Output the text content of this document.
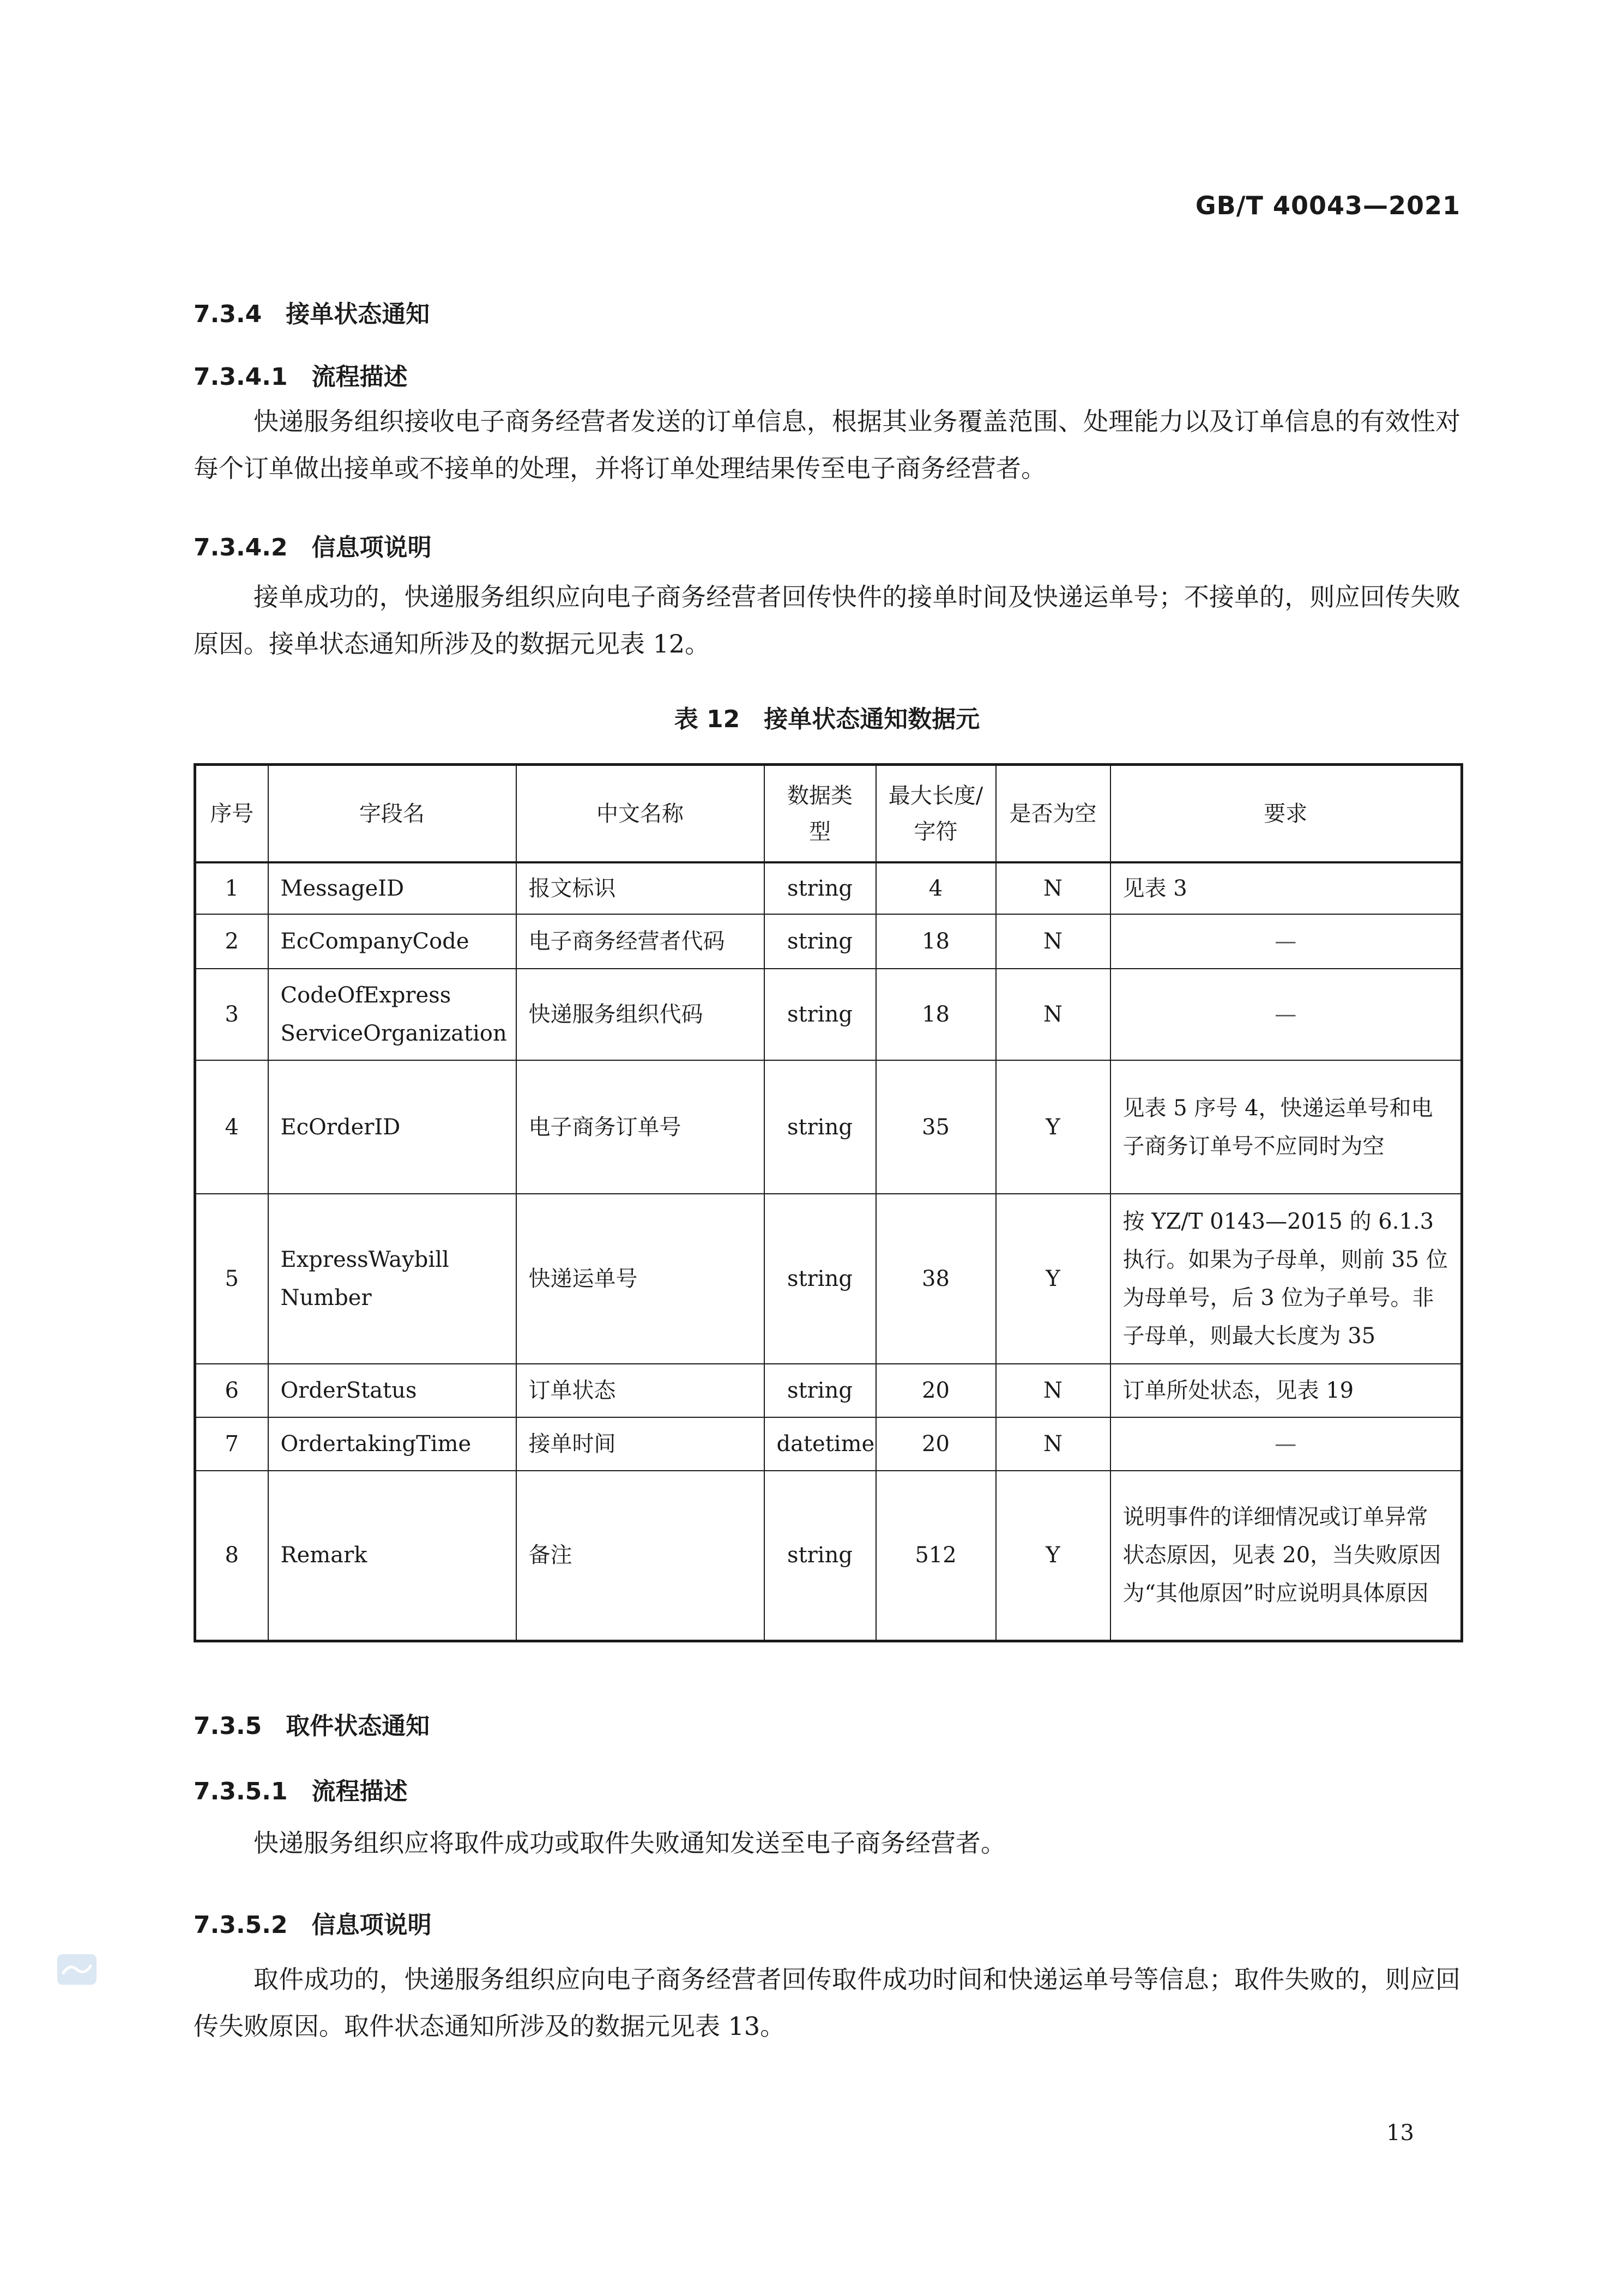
GB/T 40043—2021
7.3.4 接单状态通知
7.3.4.1 流程描述

快递服务组织接收电子商务经营者发送的订单信息，根据其业务覆盖范围、处理能力以及订单信息的有效性对每个订单做出接单或不接单的处理，并将订单处理结果传至电子商务经营者。

7.3.4.2 信息项说明

接单成功的，快递服务组织应向电子商务经营者回传快件的接单时间及快递运单号；不接单的，则应回传失败原因。接单状态通知所涉及的数据元见表 12。

表 12 接单状态通知数据元
序号	字段名	中文名称	数据类型	最大长度/字符	是否为空	要求
1	MessageID	报文标识	string	4	N	见表 3
2	EcCompanyCode	电子商务经营者代码	string	18	N	—
3	CodeOfExpress ServiceOrganization	快递服务组织代码	string	18	N	—
4	EcOrderID	电子商务订单号	string	35	Y	见表 5 序号 4，快递运单号和电子商务订单号不应同时为空
5	ExpressWaybill Number	快递运单号	string	38	Y	按 YZ/T 0143—2015 的 6.1.3 执行。如果为子母单，则前 35 位为母单号，后 3 位为子单号。非子母单，则最大长度为 35
6	OrderStatus	订单状态	string	20	N	订单所处状态，见表 19
7	OrdertakingTime	接单时间	datetime	20	N	—
8	Remark	备注	string	512	Y	说明事件的详细情况或订单异常状态原因，见表 20，当失败原因为“其他原因”时应说明具体原因
7.3.5 取件状态通知
7.3.5.1 流程描述

快递服务组织应将取件成功或取件失败通知发送至电子商务经营者。

7.3.5.2 信息项说明

取件成功的，快递服务组织应向电子商务经营者回传取件成功时间和快递运单号等信息；取件失败的，则应回传失败原因。取件状态通知所涉及的数据元见表 13。

13
